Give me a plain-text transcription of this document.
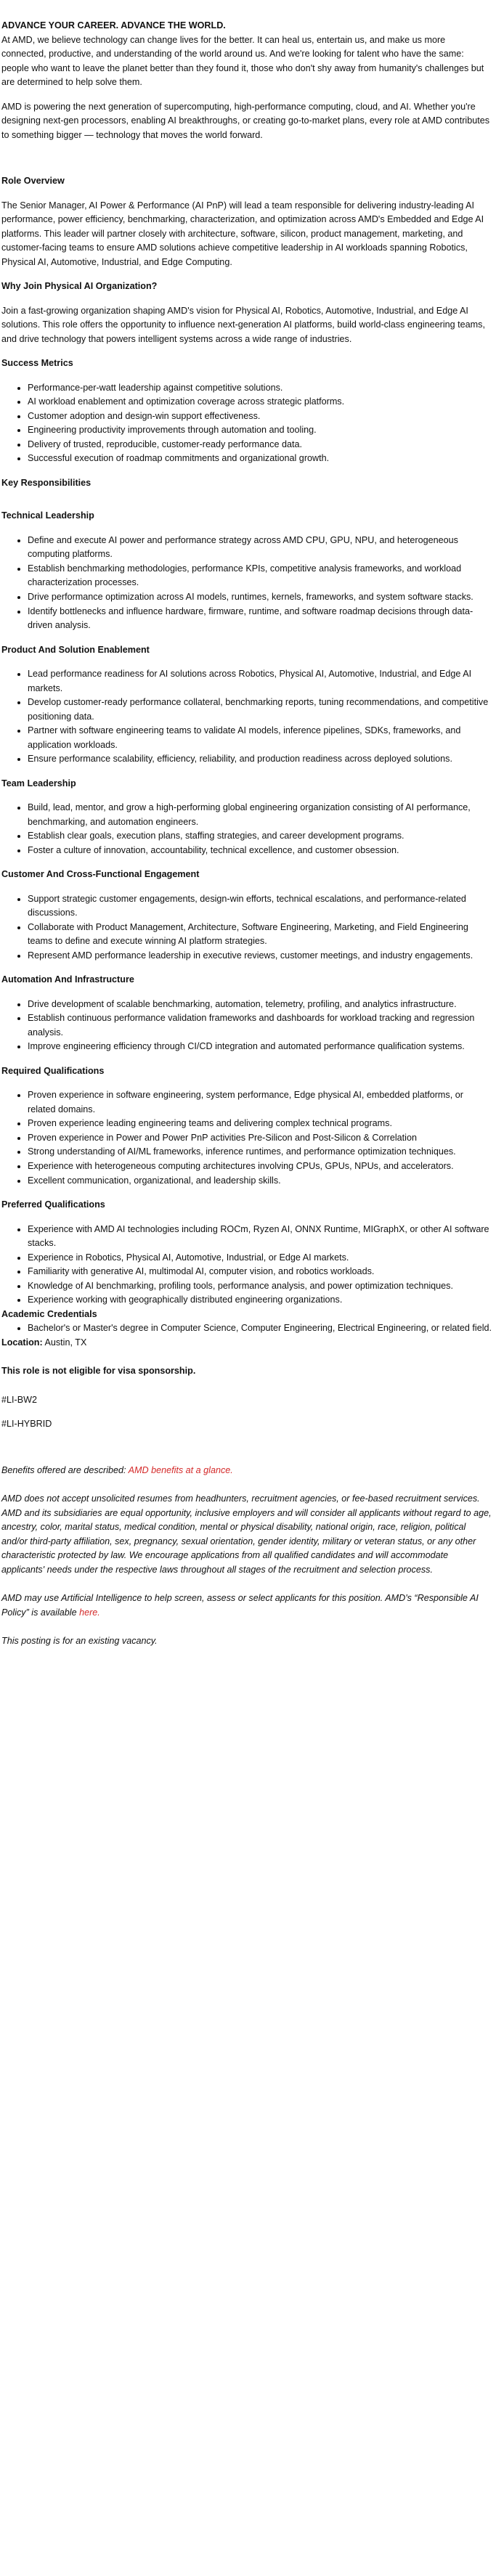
ADVANCE YOUR CAREER. ADVANCE THE WORLD.

At AMD, we believe technology can change lives for the better. It can heal us, entertain us, and make us more connected, productive, and understanding of the world around us. And we're looking for talent who have the same: people who want to leave the planet better than they found it, those who don't shy away from humanity's challenges but are determined to help solve them.

AMD is powering the next generation of supercomputing, high-performance computing, cloud, and AI. Whether you're designing next-gen processors, enabling AI breakthroughs, or creating go-to-market plans, every role at AMD contributes to something bigger — technology that moves the world forward.

Role Overview

The Senior Manager, AI Power & Performance (AI PnP) will lead a team responsible for delivering industry-leading AI performance, power efficiency, benchmarking, characterization, and optimization across AMD's Embedded and Edge AI platforms. This leader will partner closely with architecture, software, silicon, product management, marketing, and customer-facing teams to ensure AMD solutions achieve competitive leadership in AI workloads spanning Robotics, Physical AI, Automotive, Industrial, and Edge Computing.

Why Join Physical AI Organization?

Join a fast-growing organization shaping AMD's vision for Physical AI, Robotics, Automotive, Industrial, and Edge AI solutions. This role offers the opportunity to influence next-generation AI platforms, build world-class engineering teams, and drive technology that powers intelligent systems across a wide range of industries.

Success Metrics
• Performance-per-watt leadership against competitive solutions.
• AI workload enablement and optimization coverage across strategic platforms.
• Customer adoption and design-win support effectiveness.
• Engineering productivity improvements through automation and tooling.
• Delivery of trusted, reproducible, customer-ready performance data.
• Successful execution of roadmap commitments and organizational growth.
Key Responsibilities
Technical Leadership
• Define and execute AI power and performance strategy across AMD CPU, GPU, NPU, and heterogeneous computing platforms.
• Establish benchmarking methodologies, performance KPIs, competitive analysis frameworks, and workload characterization processes.
• Drive performance optimization across AI models, runtimes, kernels, frameworks, and system software stacks.
• Identify bottlenecks and influence hardware, firmware, runtime, and software roadmap decisions through data-driven analysis.
Product And Solution Enablement
• Lead performance readiness for AI solutions across Robotics, Physical AI, Automotive, Industrial, and Edge AI markets.
• Develop customer-ready performance collateral, benchmarking reports, tuning recommendations, and competitive positioning data.
• Partner with software engineering teams to validate AI models, inference pipelines, SDKs, frameworks, and application workloads.
• Ensure performance scalability, efficiency, reliability, and production readiness across deployed solutions.
Team Leadership
• Build, lead, mentor, and grow a high-performing global engineering organization consisting of AI performance, benchmarking, and automation engineers.
• Establish clear goals, execution plans, staffing strategies, and career development programs.
• Foster a culture of innovation, accountability, technical excellence, and customer obsession.
Customer And Cross-Functional Engagement
• Support strategic customer engagements, design-win efforts, technical escalations, and performance-related discussions.
• Collaborate with Product Management, Architecture, Software Engineering, Marketing, and Field Engineering teams to define and execute winning AI platform strategies.
• Represent AMD performance leadership in executive reviews, customer meetings, and industry engagements.
Automation And Infrastructure
• Drive development of scalable benchmarking, automation, telemetry, profiling, and analytics infrastructure.
• Establish continuous performance validation frameworks and dashboards for workload tracking and regression analysis.
• Improve engineering efficiency through CI/CD integration and automated performance qualification systems.
Required Qualifications
• Proven experience in software engineering, system performance, Edge physical AI, embedded platforms, or related domains.
• Proven experience leading engineering teams and delivering complex technical programs.
• Proven experience in Power and Power PnP activities Pre-Silicon and Post-Silicon & Correlation
• Strong understanding of AI/ML frameworks, inference runtimes, and performance optimization techniques.
• Experience with heterogeneous computing architectures involving CPUs, GPUs, NPUs, and accelerators.
• Excellent communication, organizational, and leadership skills.
Preferred Qualifications
• Experience with AMD AI technologies including ROCm, Ryzen AI, ONNX Runtime, MIGraphX, or other AI software stacks.
• Experience in Robotics, Physical AI, Automotive, Industrial, or Edge AI markets.
• Familiarity with generative AI, multimodal AI, computer vision, and robotics workloads.
• Knowledge of AI benchmarking, profiling tools, performance analysis, and power optimization techniques.
• Experience working with geographically distributed engineering organizations.
Academic Credentials
• Bachelor's or Master's degree in Computer Science, Computer Engineering, Electrical Engineering, or related field.
Location: Austin, TX
This role is not eligible for visa sponsorship.
#LI-BW2
#LI-HYBRID
Benefits offered are described: AMD benefits at a glance.

AMD does not accept unsolicited resumes from headhunters, recruitment agencies, or fee-based recruitment services. AMD and its subsidiaries are equal opportunity, inclusive employers and will consider all applicants without regard to age, ancestry, color, marital status, medical condition, mental or physical disability, national origin, race, religion, political and/or third-party affiliation, sex, pregnancy, sexual orientation, gender identity, military or veteran status, or any other characteristic protected by law. We encourage applications from all qualified candidates and will accommodate applicants' needs under the respective laws throughout all stages of the recruitment and selection process.

AMD may use Artificial Intelligence to help screen, assess or select applicants for this position. AMD's “Responsible AI Policy” is available here.

This posting is for an existing vacancy.
